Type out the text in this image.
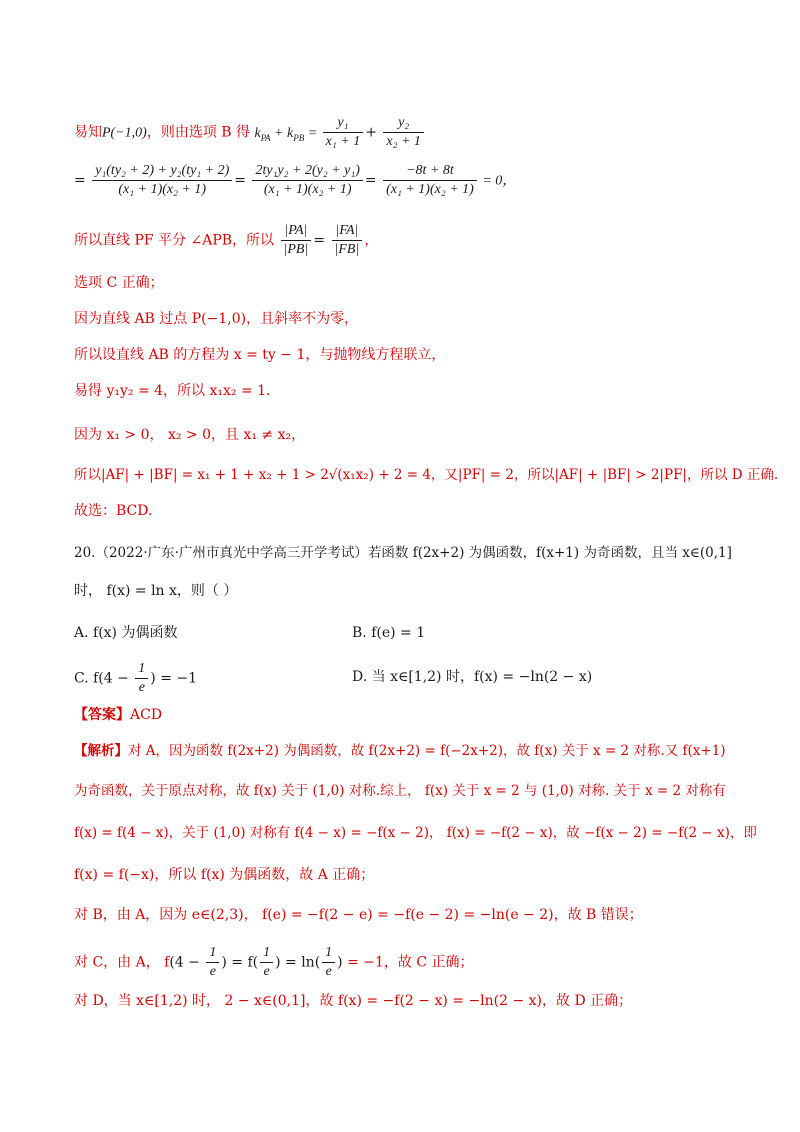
易知P(−1,0)，则由选项 B 得 $k_{PA} + k_{PB} = \frac{\text{y₁}}{\text{x₁ + 1}} + \frac{\text{y₂}}{\text{x₂ + 1}}$
= $\frac{\text{y₁(ty₂ + 2) + y₂(ty₁ + 2)}}{\text{(x₁ + 1)(x₂ + 1)}} = \frac{\text{2ty₁y₂ + 2(y₂ + y₁)}}{\text{(x₁ + 1)(x₂ + 1)}} = \frac{-8t + 8t}{\text{(x₁ + 1)(x₂ + 1)}} = 0$，
所以直线 PF 平分 ∠APB，所以 $\frac{|PA|}{|PB|} = \frac{|FA|}{|FB|}$ ，
选项 C 正确；
因为直线 AB 过点 P(−1,0)，且斜率不为零，
所以设直线 AB 的方程为 x = ty − 1，与抛物线方程联立，
易得 y₁y₂ = 4，所以 x₁x₂ = 1．
因为 x₁ > 0， x₂ > 0，且 x₁ ≠ x₂，
所以|AF| + |BF| = x₁ + 1 + x₂ + 1 > 2√(x₁x₂) + 2 = 4，又|PF| = 2，所以|AF| + |BF| > 2|PF|，所以 D 正确.
故选：BCD.
20.（2022·广东·广州市真光中学高三开学考试）若函数 f(2x+2) 为偶函数，f(x+1) 为奇函数，且当 x∈(0,1]
时， f(x) = ln x，则（ ）
A. f(x) 为偶函数	B. f(e) = 1
C. $f(4 - \frac{1}{e}$ ) = −1	D. 当 x∈[1,2) 时，f(x) = −ln(2 − x)
【答案】ACD
【解析】对 A，因为函数 f(2x+2) 为偶函数，故 f(2x+2) = f(−2x+2)，故 f(x) 关于 x = 2 对称.又 f(x+1)
为奇函数，关于原点对称，故 f(x) 关于 (1,0) 对称.综上， f(x) 关于 x = 2 与 (1,0) 对称. 关于 x = 2 对称有
f(x) = f(4 − x)，关于 (1,0) 对称有 f(4 − x) = −f(x − 2)， f(x) = −f(2 − x)，故 −f(x − 2) = −f(2 − x)，即
f(x) = f(−x)，所以 f(x) 为偶函数，故 A 正确；
对 B，由 A，因为 e∈(2,3)， f(e) = −f(2 − e) = −f(e − 2) = −ln(e − 2)，故 B 错误；
对 C，由 A， $f(4 - \frac{1}{e}$ ) = $f( \frac{1}{e}$ ) = $\ln( \frac{1}{e}$ ) = −1，故 C 正确；
对 D，当 x∈[1,2) 时， 2 − x∈(0,1]，故 f(x) = −f(2 − x) = −ln(2 − x)，故 D 正确；
